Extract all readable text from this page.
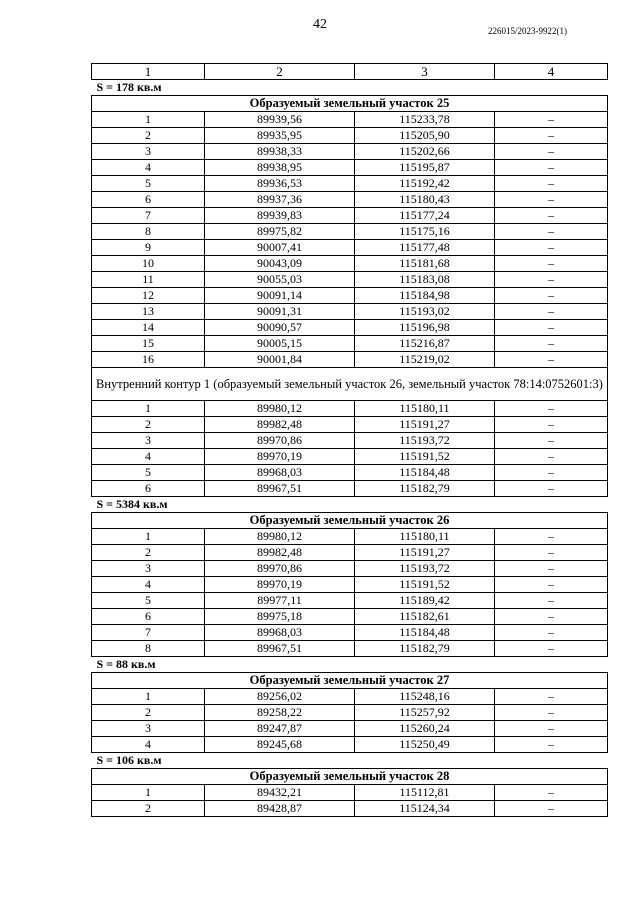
42	226015/2023-9922(1)
1	2	3	4
S = 178 кв.м			
Образуемый земельный участок 25			
1	89939,56	115233,78	–
2	89935,95	115205,90	–
3	89938,33	115202,66	–
4	89938,95	115195,87	–
5	89936,53	115192,42	–
6	89937,36	115180,43	–
7	89939,83	115177,24	–
8	89975,82	115175,16	–
9	90007,41	115177,48	–
10	90043,09	115181,68	–
11	90055,03	115183,08	–
12	90091,14	115184,98	–
13	90091,31	115193,02	–
14	90090,57	115196,98	–
15	90005,15	115216,87	–
16	90001,84	115219,02	–
Внутренний контур 1 (образуемый земельный участок 26, земельный участок 78:14:0752601:3)			
1	89980,12	115180,11	–
2	89982,48	115191,27	–
3	89970,86	115193,72	–
4	89970,19	115191,52	–
5	89968,03	115184,48	–
6	89967,51	115182,79	–
S = 5384 кв.м			
Образуемый земельный участок 26			
1	89980,12	115180,11	–
2	89982,48	115191,27	–
3	89970,86	115193,72	–
4	89970,19	115191,52	–
5	89977,11	115189,42	–
6	89975,18	115182,61	–
7	89968,03	115184,48	–
8	89967,51	115182,79	–
S = 88 кв.м			
Образуемый земельный участок 27			
1	89256,02	115248,16	–
2	89258,22	115257,92	–
3	89247,87	115260,24	–
4	89245,68	115250,49	–
S = 106 кв.м			
Образуемый земельный участок 28			
1	89432,21	115112,81	–
2	89428,87	115124,34	–
